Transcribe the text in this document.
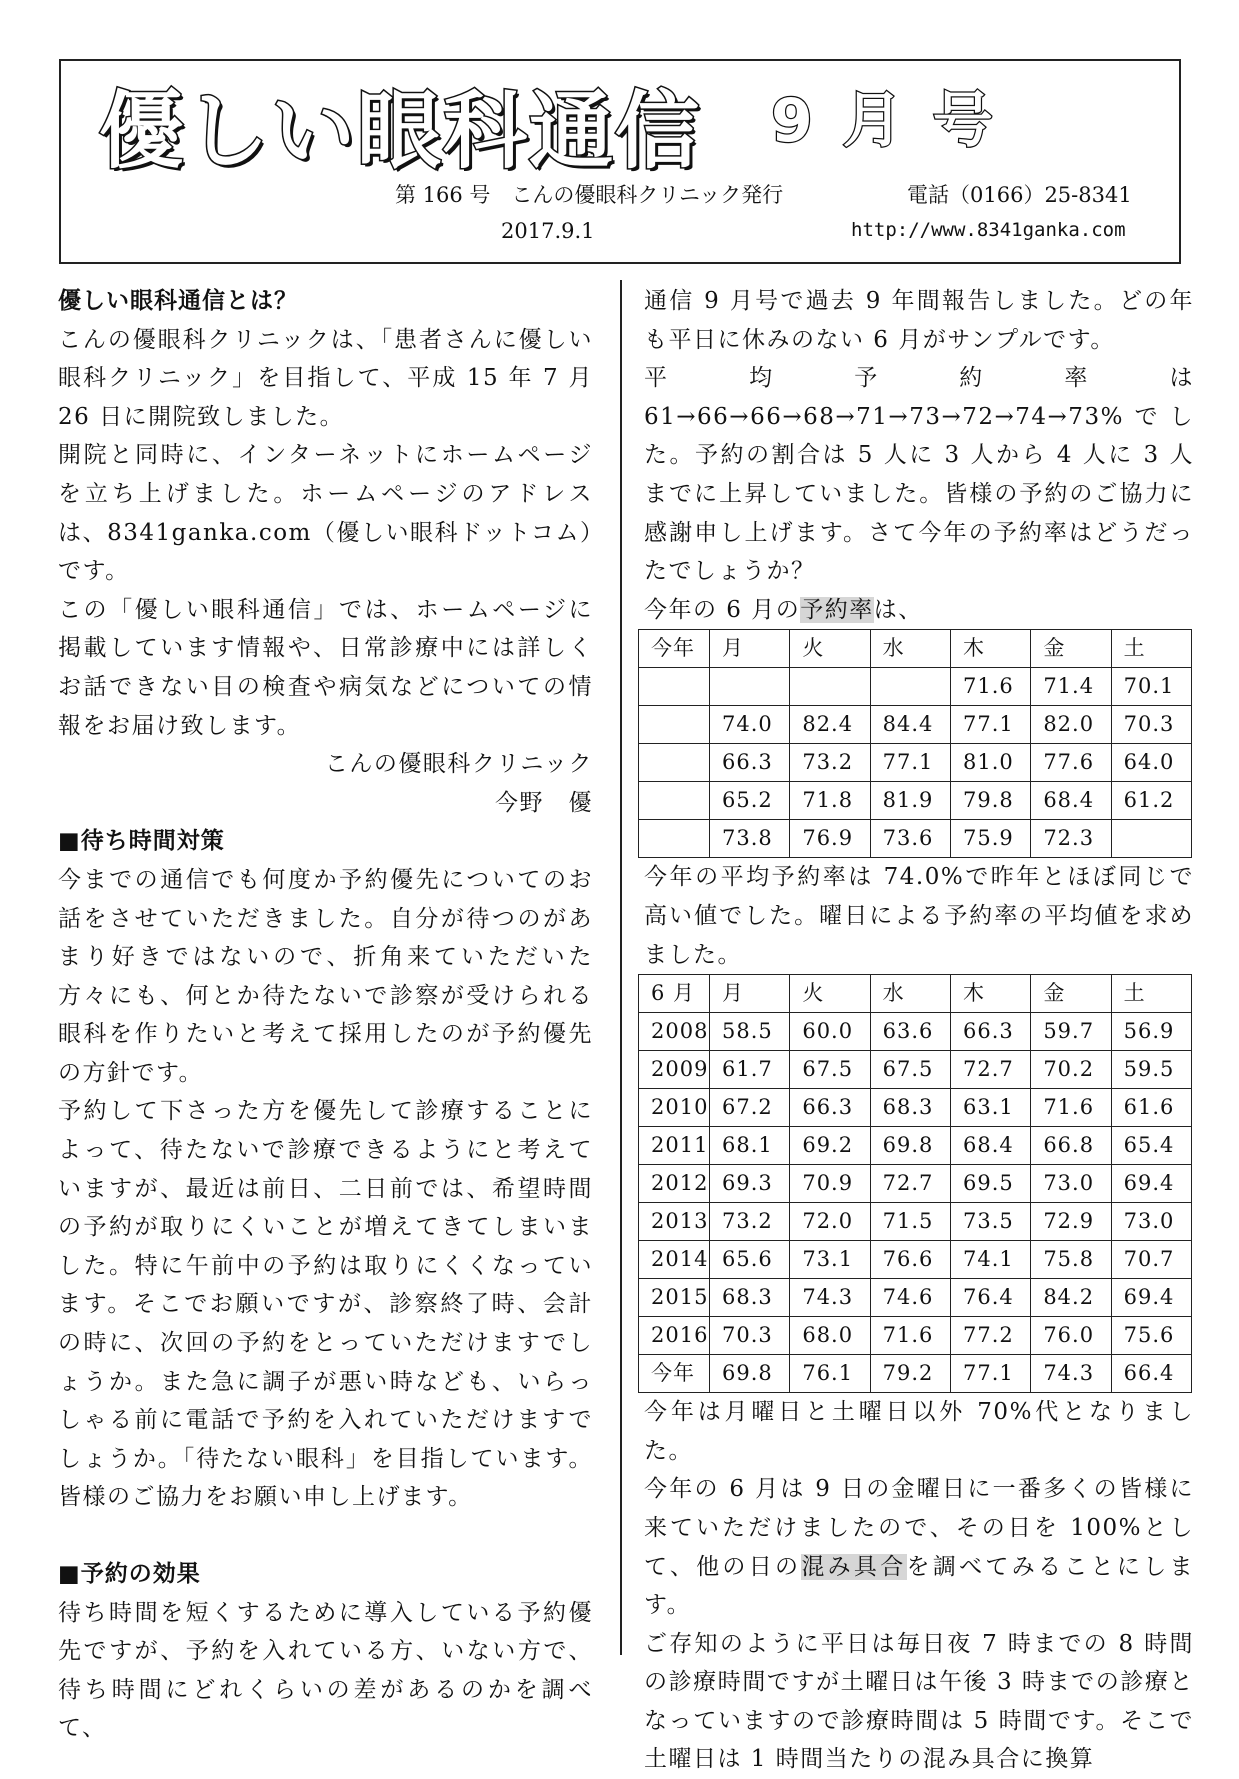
優しい眼科通信 9月号
第 166 号　こんの優眼科クリニック発行	電話（0166）25-8341
2017.9.1	http://www.8341ganka.com
優しい眼科通信とは？

こんの優眼科クリニックは、「患者さんに優しい眼科クリニック」を目指して、平成 15 年 7 月 26 日に開院致しました。

開院と同時に、インターネットにホームページを立ち上げました。ホームページのアドレスは、8341ganka.com（優しい眼科ドットコム）です。

この「優しい眼科通信」では、ホームページに掲載しています情報や、日常診療中には詳しくお話できない目の検査や病気などについての情報をお届け致します。

こんの優眼科クリニック

今野　優

■待ち時間対策

今までの通信でも何度か予約優先についてのお話をさせていただきました。自分が待つのがあまり好きではないので、折角来ていただいた方々にも、何とか待たないで診察が受けられる眼科を作りたいと考えて採用したのが予約優先の方針です。

予約して下さった方を優先して診療することによって、待たないで診療できるようにと考えていますが、最近は前日、二日前では、希望時間の予約が取りにくいことが増えてきてしまいました。特に午前中の予約は取りにくくなっています。そこでお願いですが、診察終了時、会計の時に、次回の予約をとっていただけますでしょうか。また急に調子が悪い時なども、いらっしゃる前に電話で予約を入れていただけますでしょうか。「待たない眼科」を目指しています。皆様のご協力をお願い申し上げます。

■予約の効果

待ち時間を短くするために導入している予約優先ですが、予約を入れている方、いない方で、待ち時間にどれくらいの差があるのかを調べて、

通信 9 月号で過去 9 年間報告しました。どの年も平日に休みのない 6 月がサンプルです。

平均予約率は 61→66→66→68→71→73→72→74→73%でした。予約の割合は 5 人に 3 人から 4 人に 3 人までに上昇していました。皆様の予約のご協力に感謝申し上げます。さて今年の予約率はどうだったでしょうか？

今年の 6 月の予約率は、

今年	月	火	水	木	金	土
				71.6	71.4	70.1
	74.0	82.4	84.4	77.1	82.0	70.3
	66.3	73.2	77.1	81.0	77.6	64.0
	65.2	71.8	81.9	79.8	68.4	61.2
	73.8	76.9	73.6	75.9	72.3	

今年の平均予約率は 74.0%で昨年とほぼ同じで高い値でした。曜日による予約率の平均値を求めました。

6 月	月	火	水	木	金	土
2008	58.5	60.0	63.6	66.3	59.7	56.9
2009	61.7	67.5	67.5	72.7	70.2	59.5
2010	67.2	66.3	68.3	63.1	71.6	61.6
2011	68.1	69.2	69.8	68.4	66.8	65.4
2012	69.3	70.9	72.7	69.5	73.0	69.4
2013	73.2	72.0	71.5	73.5	72.9	73.0
2014	65.6	73.1	76.6	74.1	75.8	70.7
2015	68.3	74.3	74.6	76.4	84.2	69.4
2016	70.3	68.0	71.6	77.2	76.0	75.6
今年	69.8	76.1	79.2	77.1	74.3	66.4

今年は月曜日と土曜日以外 70%代となりました。

今年の 6 月は 9 日の金曜日に一番多くの皆様に来ていただけましたので、その日を 100%として、他の日の混み具合を調べてみることにします。

ご存知のように平日は毎日夜 7 時までの 8 時間の診療時間ですが土曜日は午後 3 時までの診療となっていますので診療時間は 5 時間です。そこで土曜日は 1 時間当たりの混み具合に換算
